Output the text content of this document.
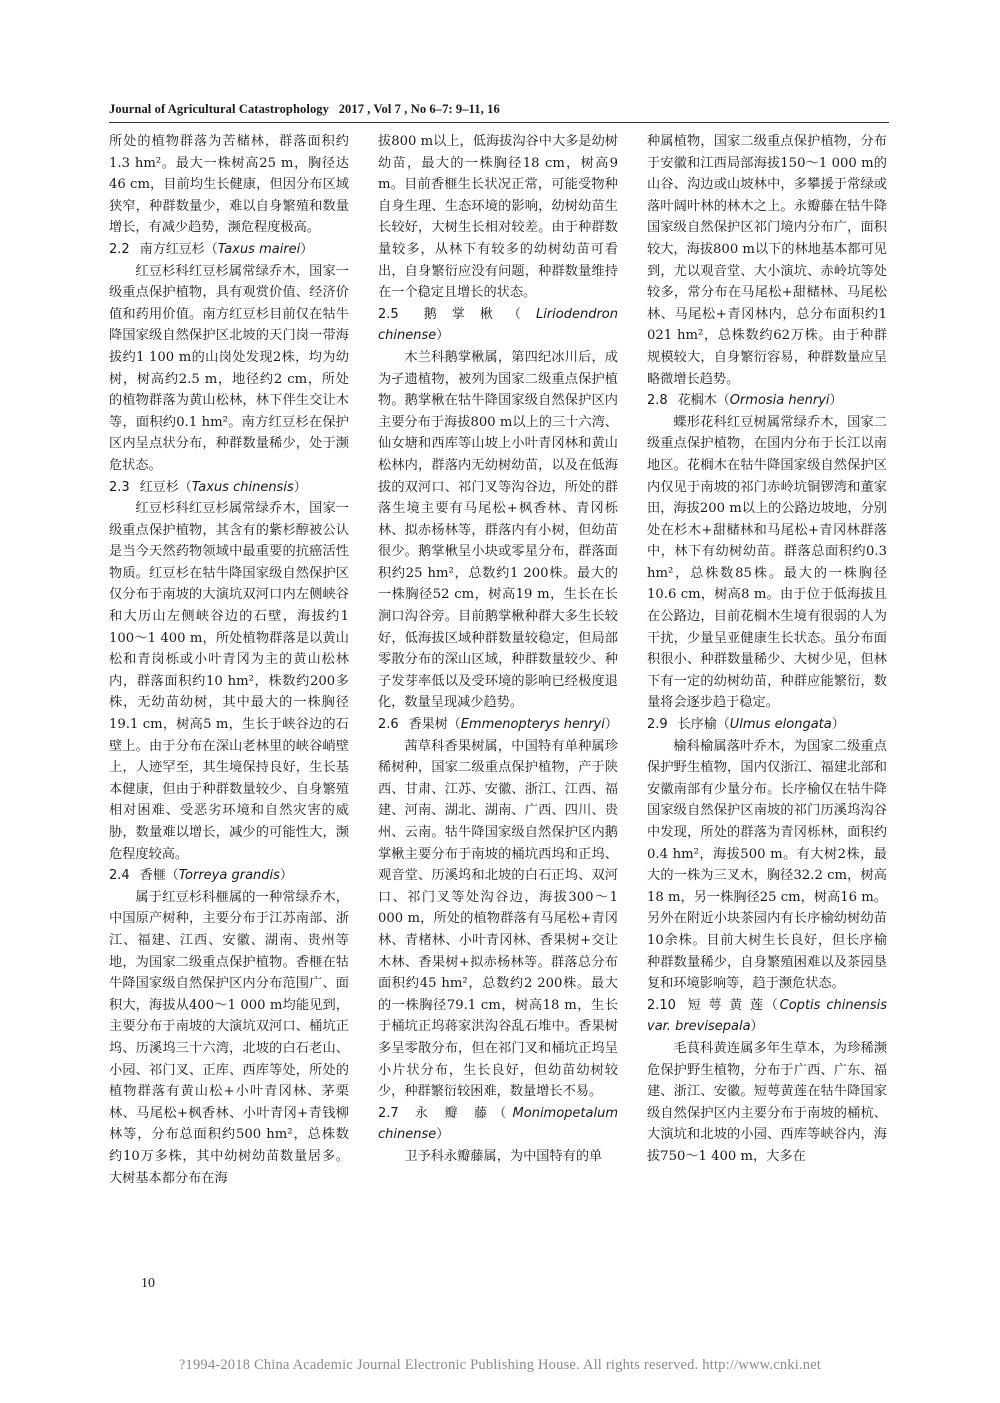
Journal of Agricultural Catastrophology 2017 , Vol 7 , No 6–7: 9–11, 16

所处的植物群落为苦槠林，群落面积约1.3 hm²。最大一株树高25 m，胸径达46 cm，目前均生长健康，但因分布区域狭窄，种群数量少，难以自身繁殖和数量增长，有减少趋势，濒危程度极高。

2.2 南方红豆杉（Taxus mairei）

红豆杉科红豆杉属常绿乔木，国家一级重点保护植物，具有观赏价值、经济价值和药用价值。南方红豆杉目前仅在牯牛降国家级自然保护区北坡的天门岗一带海拔约1 100 m的山岗处发现2株，均为幼树，树高约2.5 m，地径约2 cm，所处的植物群落为黄山松林，林下伴生交让木等，面积约0.1 hm²。南方红豆杉在保护区内呈点状分布，种群数量稀少，处于濒危状态。

2.3 红豆杉（Taxus chinensis）

红豆杉科红豆杉属常绿乔木，国家一级重点保护植物，其含有的紫杉醇被公认是当今天然药物领域中最重要的抗癌活性物质。红豆杉在牯牛降国家级自然保护区仅分布于南坡的大演坑双河口内左侧峡谷和大历山左侧峡谷边的石壁，海拔约1 100～1 400 m，所处植物群落是以黄山松和青岗栎或小叶青冈为主的黄山松林内，群落面积约10 hm²，株数约200多株，无幼苗幼树，其中最大的一株胸径19.1 cm，树高5 m，生长于峡谷边的石壁上。由于分布在深山老林里的峡谷峭壁上，人迹罕至，其生境保持良好，生长基本健康，但由于种群数量较少、自身繁殖相对困难、受恶劣环境和自然灾害的威胁，数量难以增长，减少的可能性大，濒危程度较高。

2.4 香榧（Torreya grandis）

属于红豆杉科榧属的一种常绿乔木，中国原产树种，主要分布于江苏南部、浙江、福建、江西、安徽、湖南、贵州等地，为国家二级重点保护植物。香榧在牯牛降国家级自然保护区内分布范围广、面积大，海拔从400～1 000 m均能见到，主要分布于南坡的大演坑双河口、桶坑正坞、历溪坞三十六湾，北坡的白石老山、小园、祁门叉、正库、西库等处，所处的植物群落有黄山松+小叶青冈林、茅栗林、马尾松+枫香林、小叶青冈+青钱柳林等，分布总面积约500 hm²，总株数约10万多株，其中幼树幼苗数量居多。大树基本都分布在海

拔800 m以上，低海拔沟谷中大多是幼树幼苗，最大的一株胸径18 cm，树高9 m。目前香榧生长状况正常，可能受物种自身生理、生态环境的影响，幼树幼苗生长较好，大树生长相对较差。由于种群数量较多，从林下有较多的幼树幼苗可看出，自身繁衍应没有问题，种群数量维持在一个稳定且增长的状态。

2.5 鹅掌楸（Liriodendron chinense）

木兰科鹅掌楸属，第四纪冰川后，成为孑遗植物，被列为国家二级重点保护植物。鹅掌楸在牯牛降国家级自然保护区内主要分布于海拔800 m以上的三十六湾、仙女塘和西库等山坡上小叶青冈林和黄山松林内，群落内无幼树幼苗，以及在低海拔的双河口、祁门叉等沟谷边，所处的群落生境主要有马尾松+枫香林、青冈栎林、拟赤杨林等，群落内有小树，但幼苗很少。鹅掌楸呈小块或零星分布，群落面积约25 hm²，总数约1 200株。最大的一株胸径52 cm，树高19 m，生长在长涧口沟谷旁。目前鹅掌楸种群大多生长较好，低海拔区域种群数量较稳定，但局部零散分布的深山区域，种群数量较少、种子发芽率低以及受环境的影响已经极度退化，数量呈现减少趋势。

2.6 香果树（Emmenopterys henryi）

茜草科香果树属，中国特有单种属珍稀树种，国家二级重点保护植物，产于陕西、甘肃、江苏、安徽、浙江、江西、福建、河南、湖北、湖南、广西、四川、贵州、云南。牯牛降国家级自然保护区内鹅掌楸主要分布于南坡的桶坑西坞和正坞、观音堂、历溪坞和北坡的白石正坞、双河口、祁门叉等处沟谷边，海拔300～1 000 m，所处的植物群落有马尾松+青冈林、青楮林、小叶青冈林、香果树+交让木林、香果树+拟赤杨林等。群落总分布面积约45 hm²，总数约2 200株。最大的一株胸径79.1 cm，树高18 m，生长于桶坑正坞蒋家洪沟谷乱石堆中。香果树多呈零散分布，但在祁门叉和桶坑正坞呈小片状分布，生长良好，但幼苗幼树较少，种群繁衍较困难，数量增长不易。

2.7 永 瓣 藤（Monimopetalum chinense）

卫予科永瓣藤属，为中国特有的单

种属植物，国家二级重点保护植物，分布于安徽和江西局部海拔150～1 000 m的山谷、沟边或山坡林中，多攀援于常绿或落叶阔叶林的林木之上。永瓣藤在牯牛降国家级自然保护区祁门境内分布广，面积较大，海拔800 m以下的林地基本都可见到，尤以观音堂、大小演坑、赤岭坑等处较多，常分布在马尾松+甜槠林、马尾松林、马尾松+青冈林内，总分布面积约1 021 hm²，总株数约62万株。由于种群规模较大，自身繁衍容易，种群数量应呈略微增长趋势。

2.8 花榈木（Ormosia henryi）

蝶形花科红豆树属常绿乔木，国家二级重点保护植物，在国内分布于长江以南地区。花榈木在牯牛降国家级自然保护区内仅见于南坡的祁门赤岭坑铜锣湾和董家田，海拔200 m以上的公路边坡地，分别处在杉木+甜槠林和马尾松+青冈林群落中，林下有幼树幼苗。群落总面积约0.3 hm²，总株数85株。最大的一株胸径10.6 cm，树高8 m。由于位于低海拔且在公路边，目前花榈木生境有很弱的人为干扰，少量呈亚健康生长状态。虽分布面积很小、种群数量稀少、大树少见，但林下有一定的幼树幼苗，种群应能繁衍，数量将会逐步趋于稳定。

2.9 长序榆（Ulmus elongata）

榆科榆属落叶乔木，为国家二级重点保护野生植物，国内仅浙江、福建北部和安徽南部有少量分布。长序榆仅在牯牛降国家级自然保护区南坡的祁门历溪坞沟谷中发现，所处的群落为青冈栎林，面积约0.4 hm²，海拔500 m。有大树2株，最大的一株为三叉木，胸径32.2 cm，树高18 m，另一株胸径25 cm，树高16 m。另外在附近小块茶园内有长序榆幼树幼苗10余株。目前大树生长良好，但长序榆种群数量稀少，自身繁殖困难以及茶园垦复和环境影响等，趋于濒危状态。

2.10 短 萼 黄 莲（Coptis chinensis var. brevisepala）

毛茛科黄连属多年生草本，为珍稀濒危保护野生植物，分布于广西、广东、福建、浙江、安徽。短萼黄莲在牯牛降国家级自然保护区内主要分布于南坡的桶杭、大演坑和北坡的小园、西库等峡谷内，海拔750～1 400 m，大多在

10
?1994-2018 China Academic Journal Electronic Publishing House. All rights reserved. http://www.cnki.net
